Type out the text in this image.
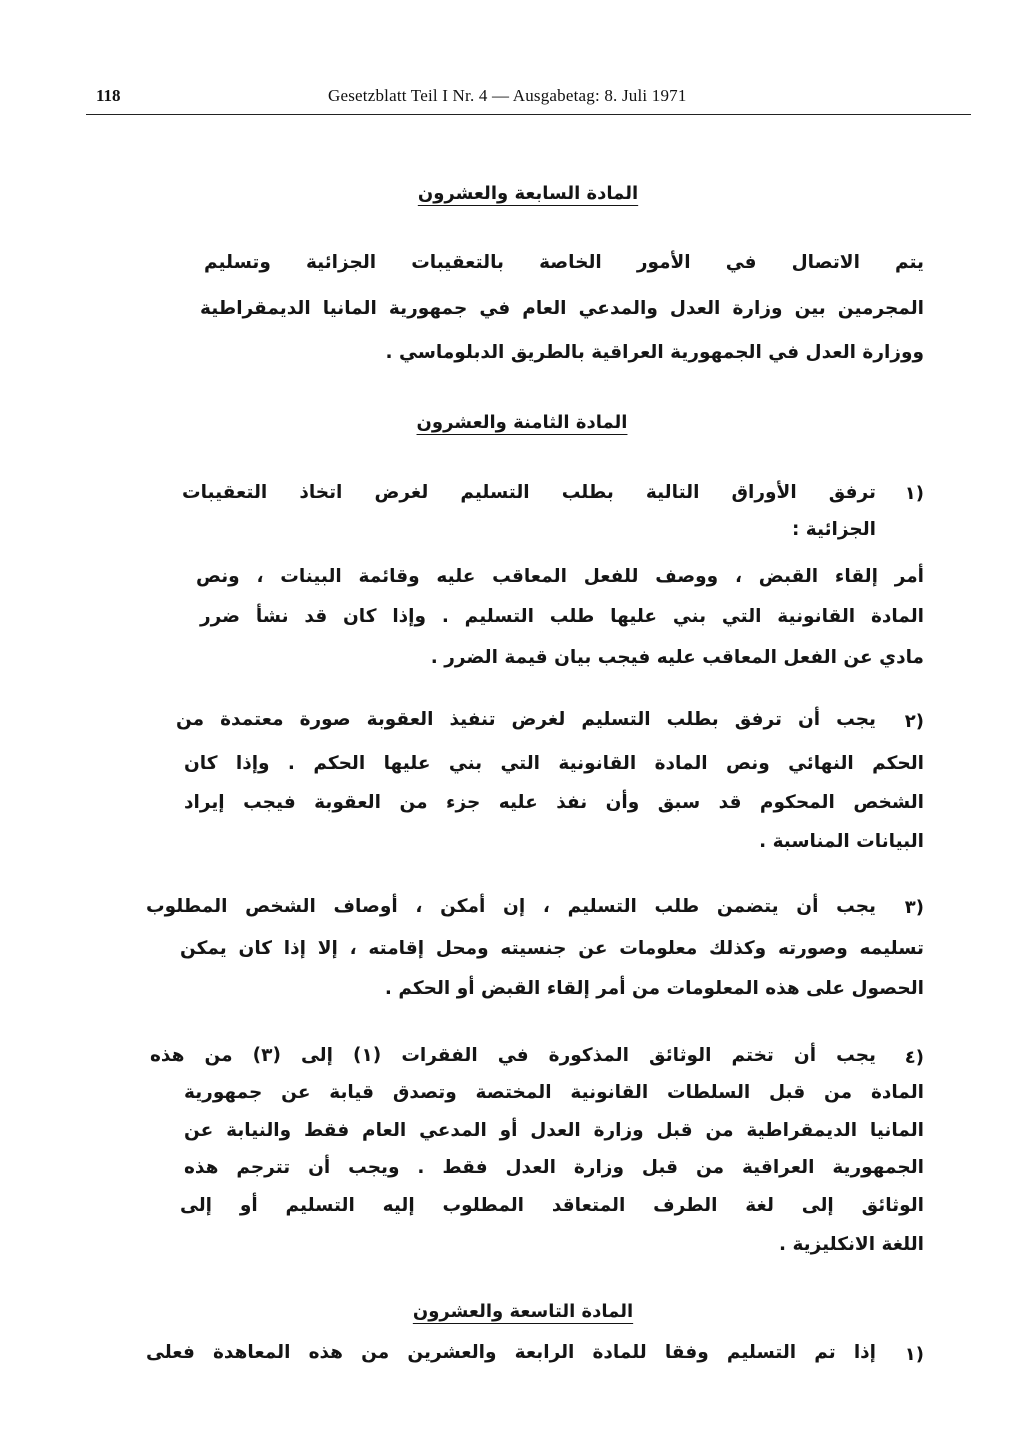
118	Gesetzblatt Teil I Nr. 4 — Ausgabetag: 8. Juli 1971
المادة السابعة والعشرون
يتم الاتصال في الأمور الخاصة بالتعقيبات الجزائية وتسليم
المجرمين بين وزارة العدل والمدعي العام في جمهورية المانيا الديمقراطية
ووزارة العدل في الجمهورية العراقية بالطريق الدبلوماسي .
المادة الثامنة والعشرون
١)
ترفق الأوراق التالية بطلب التسليم لغرض اتخاذ التعقيبات
الجزائية :
أمر إلقاء القبض ، ووصف للفعل المعاقب عليه وقائمة البينات ، ونص
المادة القانونية التي بني عليها طلب التسليم . وإذا كان قد نشأ ضرر
مادي عن الفعل المعاقب عليه فيجب بيان قيمة الضرر .
٢)
يجب أن ترفق بطلب التسليم لغرض تنفيذ العقوبة صورة معتمدة من
الحكم النهائي ونص المادة القانونية التي بني عليها الحكم . وإذا كان
الشخص المحكوم قد سبق وأن نفذ عليه جزء من العقوبة فيجب إيراد
البيانات المناسبة .
٣)
يجب أن يتضمن طلب التسليم ، إن أمكن ، أوصاف الشخص المطلوب
تسليمه وصورته وكذلك معلومات عن جنسيته ومحل إقامته ، إلا إذا كان يمكن
الحصول على هذه المعلومات من أمر إلقاء القبض أو الحكم .
٤)
يجب أن تختم الوثائق المذكورة في الفقرات (١) إلى (٣) من هذه
المادة من قبل السلطات القانونية المختصة وتصدق قيابة عن جمهورية
المانيا الديمقراطية من قبل وزارة العدل أو المدعي العام فقط والنيابة عن
الجمهورية العراقية من قبل وزارة العدل فقط . ويجب أن تترجم هذه
الوثائق إلى لغة الطرف المتعاقد المطلوب إليه التسليم أو إلى
اللغة الانكليزية .
المادة التاسعة والعشرون
١)
إذا تم التسليم وفقا للمادة الرابعة والعشرين من هذه المعاهدة فعلى
